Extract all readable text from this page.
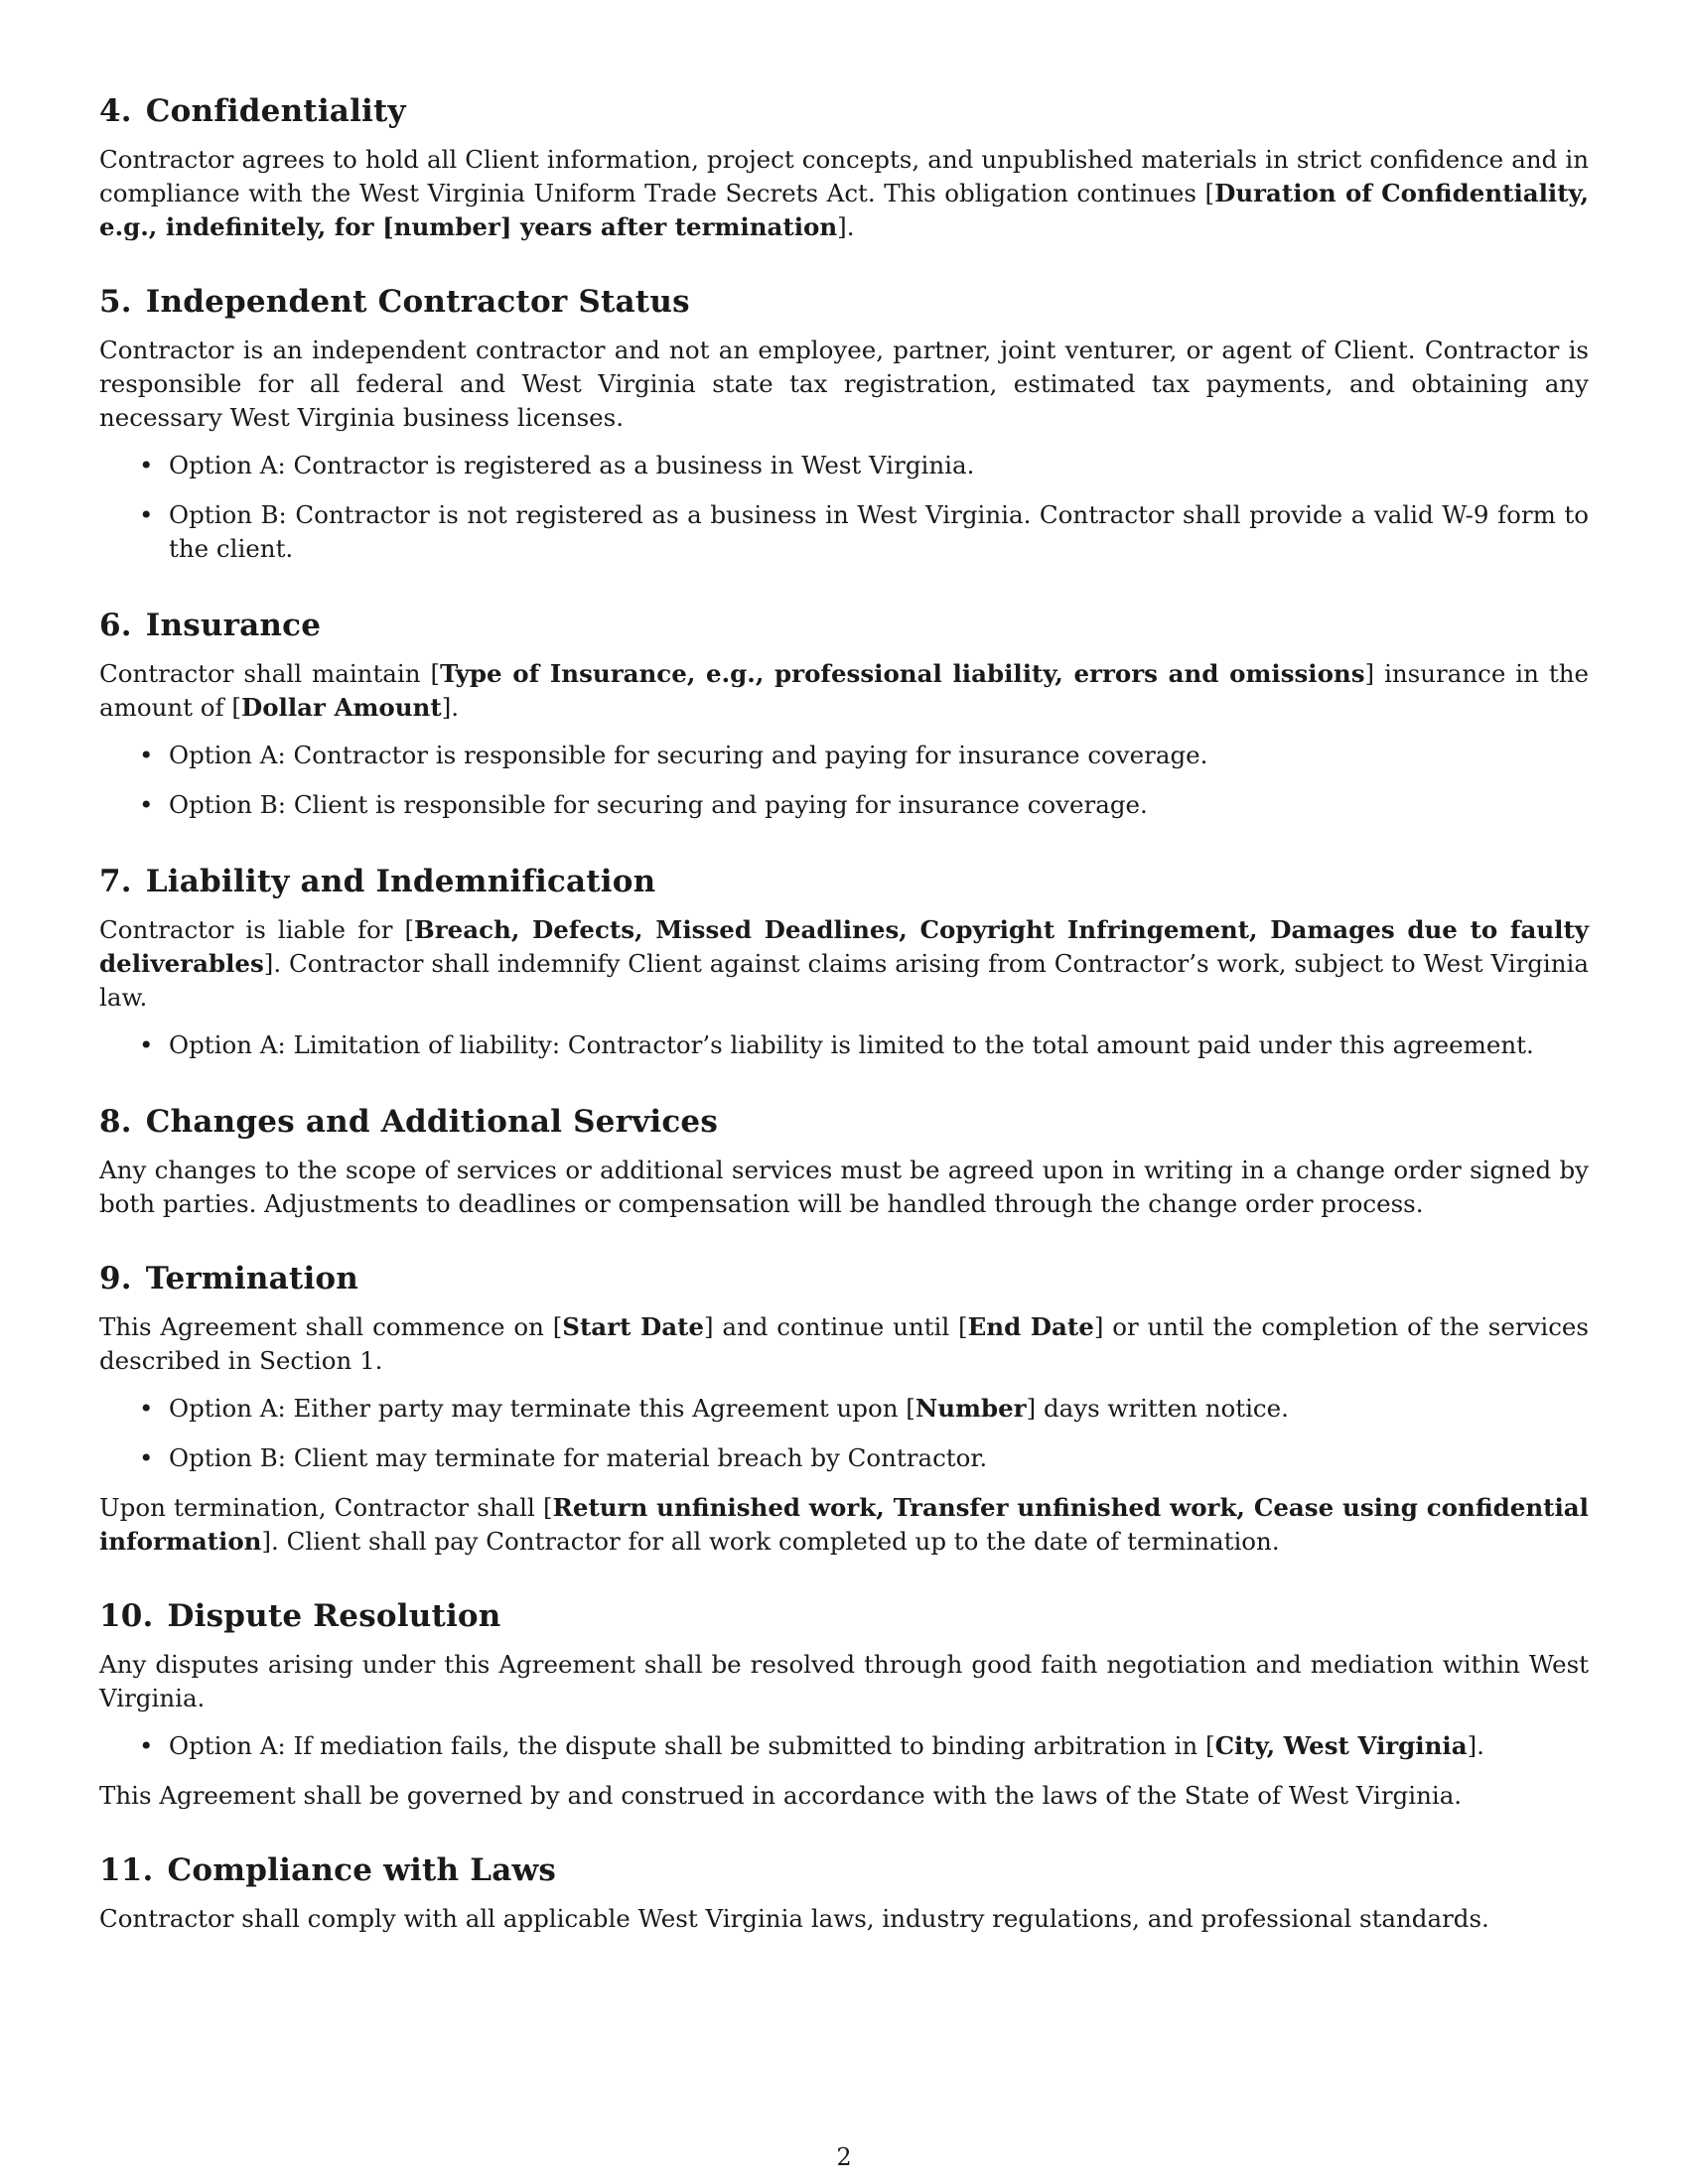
4. Confidentiality

Contractor agrees to hold all Client information, project concepts, and unpublished materials in strict confidence and in compliance with the West Virginia Uniform Trade Secrets Act. This obligation continues [Duration of Confidentiality, e.g., indefinitely, for [number] years after termination].

5. Independent Contractor Status

Contractor is an independent contractor and not an employee, partner, joint venturer, or agent of Client. Contractor is responsible for all federal and West Virginia state tax registration, estimated tax payments, and obtaining any necessary West Virginia business licenses.

• Option A: Contractor is registered as a business in West Virginia.
• Option B: Contractor is not registered as a business in West Virginia. Contractor shall provide a valid W-9 form to the client.
6. Insurance

Contractor shall maintain [Type of Insurance, e.g., professional liability, errors and omissions] insurance in the amount of [Dollar Amount].

• Option A: Contractor is responsible for securing and paying for insurance coverage.
• Option B: Client is responsible for securing and paying for insurance coverage.
7. Liability and Indemnification

Contractor is liable for [Breach, Defects, Missed Deadlines, Copyright Infringement, Damages due to faulty deliverables]. Contractor shall indemnify Client against claims arising from Contractor’s work, subject to West Virginia law.

• Option A: Limitation of liability: Contractor’s liability is limited to the total amount paid under this agreement.
8. Changes and Additional Services

Any changes to the scope of services or additional services must be agreed upon in writing in a change order signed by both parties. Adjustments to deadlines or compensation will be handled through the change order process.

9. Termination

This Agreement shall commence on [Start Date] and continue until [End Date] or until the completion of the services described in Section 1.

• Option A: Either party may terminate this Agreement upon [Number] days written notice.
• Option B: Client may terminate for material breach by Contractor.

Upon termination, Contractor shall [Return unfinished work, Transfer unfinished work, Cease using confidential information]. Client shall pay Contractor for all work completed up to the date of termination.

10. Dispute Resolution

Any disputes arising under this Agreement shall be resolved through good faith negotiation and mediation within West Virginia.

• Option A: If mediation fails, the dispute shall be submitted to binding arbitration in [City, West Virginia].

This Agreement shall be governed by and construed in accordance with the laws of the State of West Virginia.

11. Compliance with Laws

Contractor shall comply with all applicable West Virginia laws, industry regulations, and professional standards.

2
